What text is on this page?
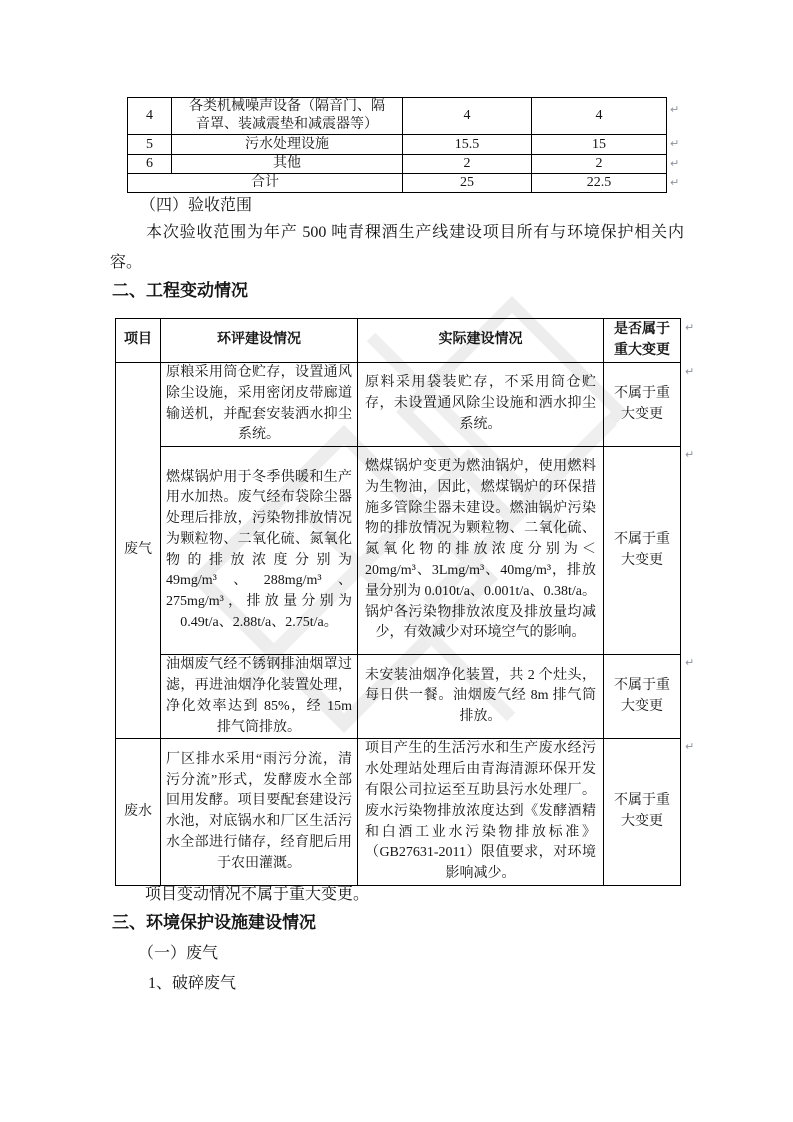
4	各类机械噪声设备（隔音门、隔音罩、装减震垫和减震器等）	4	4
5	污水处理设施	15.5	15
6	其他	2	2
合计		25	22.5
↵
↵
↵
↵
（四）验收范围
本次验收范围为年产 500 吨青稞酒生产线建设项目所有与环境保护相关内容。
二、工程变动情况
项目	环评建设情况	实际建设情况	是否属于重大变更
废气	原粮采用筒仓贮存，设置通风除尘设施，采用密闭皮带廊道输送机，并配套安装洒水抑尘系统。	原料采用袋装贮存，不采用筒仓贮存，未设置通风除尘设施和洒水抑尘系统。	不属于重大变更
	燃煤锅炉用于冬季供暖和生产用水加热。废气经布袋除尘器处理后排放，污染物排放情况为颗粒物、二氧化硫、氮氧化物的排放浓度分别为 49mg/m³、288mg/m³、275mg/m³，排放量分别为 0.49t/a、2.88t/a、2.75t/a。	燃煤锅炉变更为燃油锅炉，使用燃料为生物油，因此，燃煤锅炉的环保措施多管除尘器未建设。燃油锅炉污染物的排放情况为颗粒物、二氧化硫、氮氧化物的排放浓度分别为＜20mg/m³、3Lmg/m³、40mg/m³，排放量分别为 0.010t/a、0.001t/a、0.38t/a。锅炉各污染物排放浓度及排放量均减少，有效减少对环境空气的影响。	不属于重大变更
	油烟废气经不锈钢排油烟罩过滤，再进油烟净化装置处理，净化效率达到 85%，经 15m 排气筒排放。	未安装油烟净化装置，共 2 个灶头，每日供一餐。油烟废气经 8m 排气筒排放。	不属于重大变更
废水	厂区排水采用“雨污分流，清污分流”形式，发酵废水全部回用发酵。项目要配套建设污水池，对底锅水和厂区生活污水全部进行储存，经育肥后用于农田灌溉。	项目产生的生活污水和生产废水经污水处理站处理后由青海清源环保开发有限公司拉运至互助县污水处理厂。废水污染物排放浓度达到《发酵酒精和白酒工业水污染物排放标准》（GB27631-2011）限值要求，对环境影响减少。	不属于重大变更
↵
↵
↵
↵
↵
项目变动情况不属于重大变更。
三、环境保护设施建设情况
（一）废气
1、破碎废气
